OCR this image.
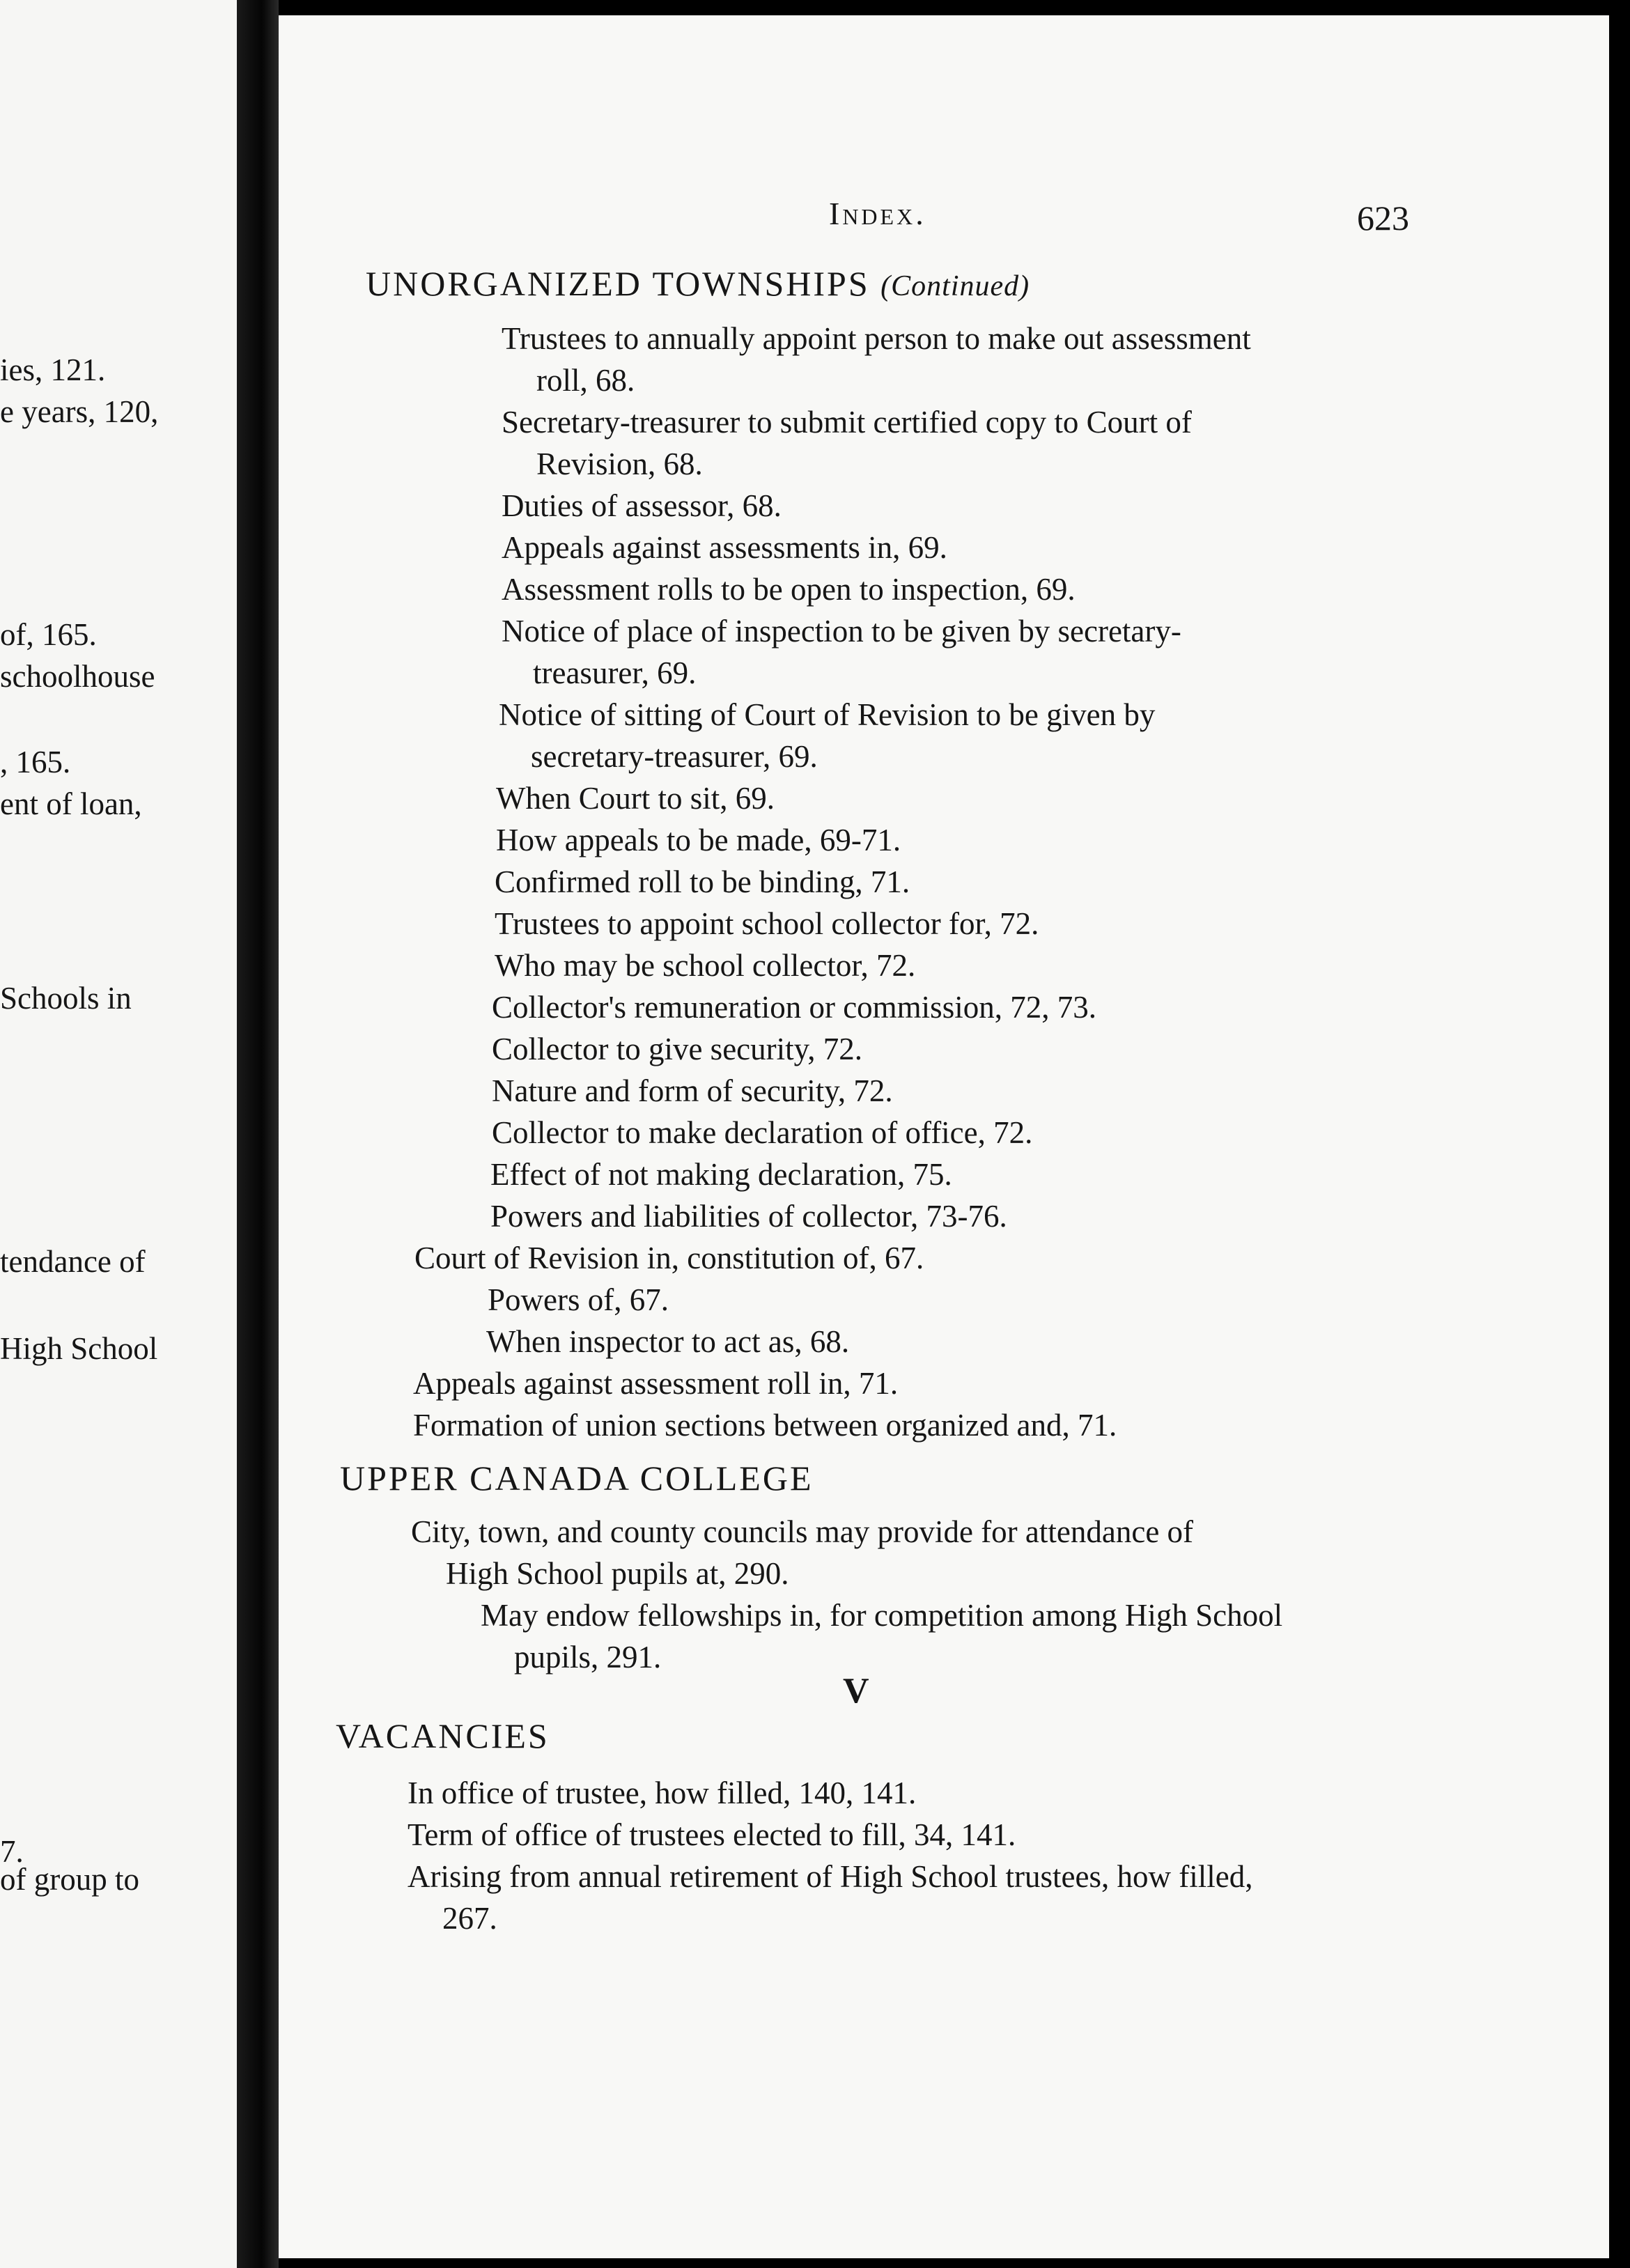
ies, 121.
e years, 120,
of, 165.
schoolhouse
, 165.
ent of loan,
Schools in
tendance of
High School
7.
of group to
Index.	623
UNORGANIZED TOWNSHIPS (Continued)
Trustees to annually appoint person to make out assessment
roll, 68.
Secretary-treasurer to submit certified copy to Court of
Revision, 68.
Duties of assessor, 68.
Appeals against assessments in, 69.
Assessment rolls to be open to inspection, 69.
Notice of place of inspection to be given by secretary-
treasurer, 69.
Notice of sitting of Court of Revision to be given by
secretary-treasurer, 69.
When Court to sit, 69.
How appeals to be made, 69-71.
Confirmed roll to be binding, 71.
Trustees to appoint school collector for, 72.
Who may be school collector, 72.
Collector's remuneration or commission, 72, 73.
Collector to give security, 72.
Nature and form of security, 72.
Collector to make declaration of office, 72.
Effect of not making declaration, 75.
Powers and liabilities of collector, 73-76.
Court of Revision in, constitution of, 67.
Powers of, 67.
When inspector to act as, 68.
Appeals against assessment roll in, 71.
Formation of union sections between organized and, 71.
UPPER CANADA COLLEGE
City, town, and county councils may provide for attendance of
High School pupils at, 290.
May endow fellowships in, for competition among High School
pupils, 291.
V
VACANCIES
In office of trustee, how filled, 140, 141.
Term of office of trustees elected to fill, 34, 141.
Arising from annual retirement of High School trustees, how filled,
267.
